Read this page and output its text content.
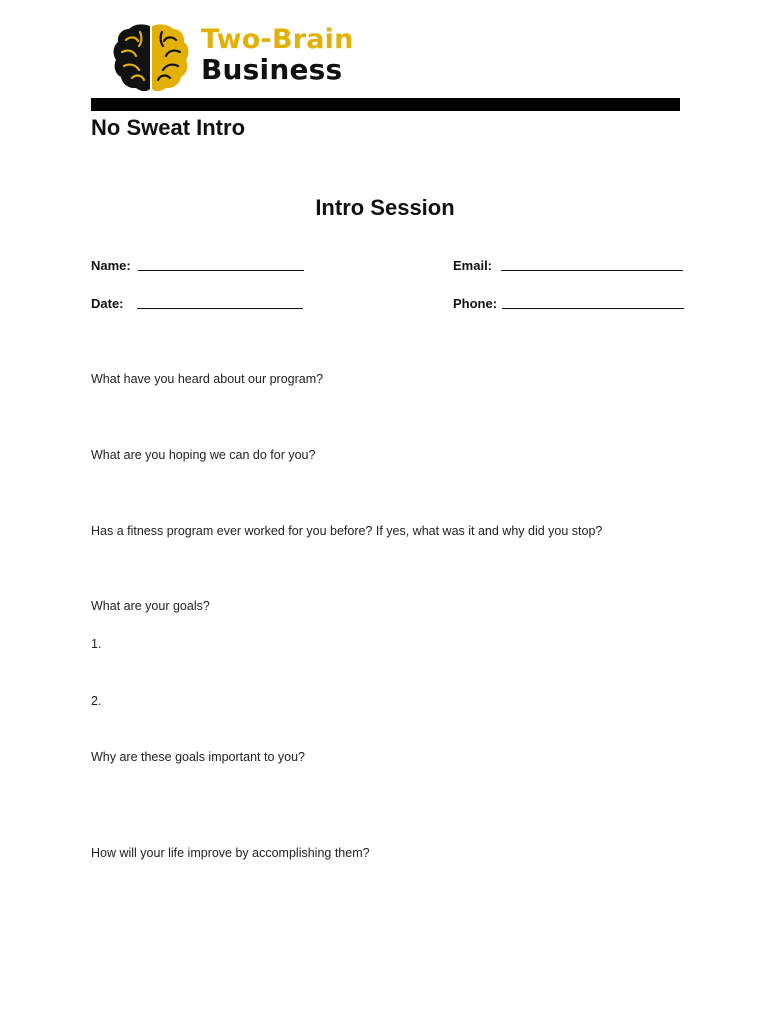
Two-Brain
Business
No Sweat Intro
Intro Session
Name:	Email:
Date:	Phone:
What have you heard about our program?
What are you hoping we can do for you?
Has a fitness program ever worked for you before? If yes, what was it and why did you stop?
What are your goals?
1.
2.
Why are these goals important to you?
How will your life improve by accomplishing them?
